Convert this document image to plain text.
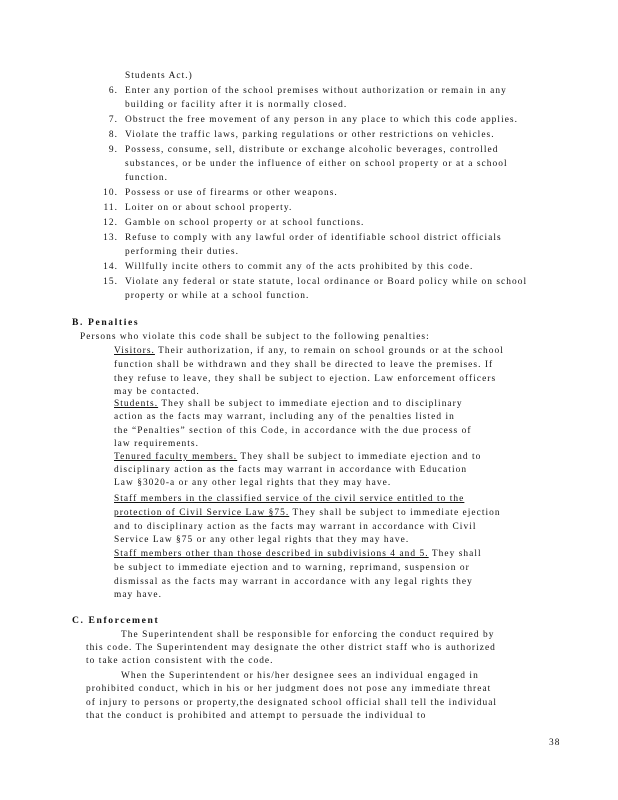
Students Act.)

6. Enter any portion of the school premises without authorization or remain in any

building or facility after it is normally closed.

7. Obstruct the free movement of any person in any place to which this code applies.

8. Violate the traffic laws, parking regulations or other restrictions on vehicles.

9. Possess, consume, sell, distribute or exchange alcoholic beverages, controlled

substances, or be under the influence of either on school property or at a school

function.

10. Possess or use of firearms or other weapons.

11. Loiter on or about school property.

12. Gamble on school property or at school functions.

13. Refuse to comply with any lawful order of identifiable school district officials

performing their duties.

14. Willfully incite others to commit any of the acts prohibited by this code.

15. Violate any federal or state statute, local ordinance or Board policy while on school

property or while at a school function.

B. Penalties

Persons who violate this code shall be subject to the following penalties:

Visitors. Their authorization, if any, to remain on school grounds or at the school

function shall be withdrawn and they shall be directed to leave the premises. If

they refuse to leave, they shall be subject to ejection. Law enforcement officers

may be contacted.

Students. They shall be subject to immediate ejection and to disciplinary

action as the facts may warrant, including any of the penalties listed in

the “Penalties” section of this Code, in accordance with the due process of

law requirements.

Tenured faculty members. They shall be subject to immediate ejection and to

disciplinary action as the facts may warrant in accordance with Education

Law §3020-a or any other legal rights that they may have.

Staff members in the classified service of the civil service entitled to the

protection of Civil Service Law §75. They shall be subject to immediate ejection

and to disciplinary action as the facts may warrant in accordance with Civil

Service Law §75 or any other legal rights that they may have.

Staff members other than those described in subdivisions 4 and 5. They shall

be subject to immediate ejection and to warning, reprimand, suspension or

dismissal as the facts may warrant in accordance with any legal rights they

may have.

C. Enforcement

The Superintendent shall be responsible for enforcing the conduct required by

this code. The Superintendent may designate the other district staff who is authorized

to take action consistent with the code.

When the Superintendent or his/her designee sees an individual engaged in

prohibited conduct, which in his or her judgment does not pose any immediate threat

of injury to persons or property,the designated school official shall tell the individual

that the conduct is prohibited and attempt to persuade the individual to

38
